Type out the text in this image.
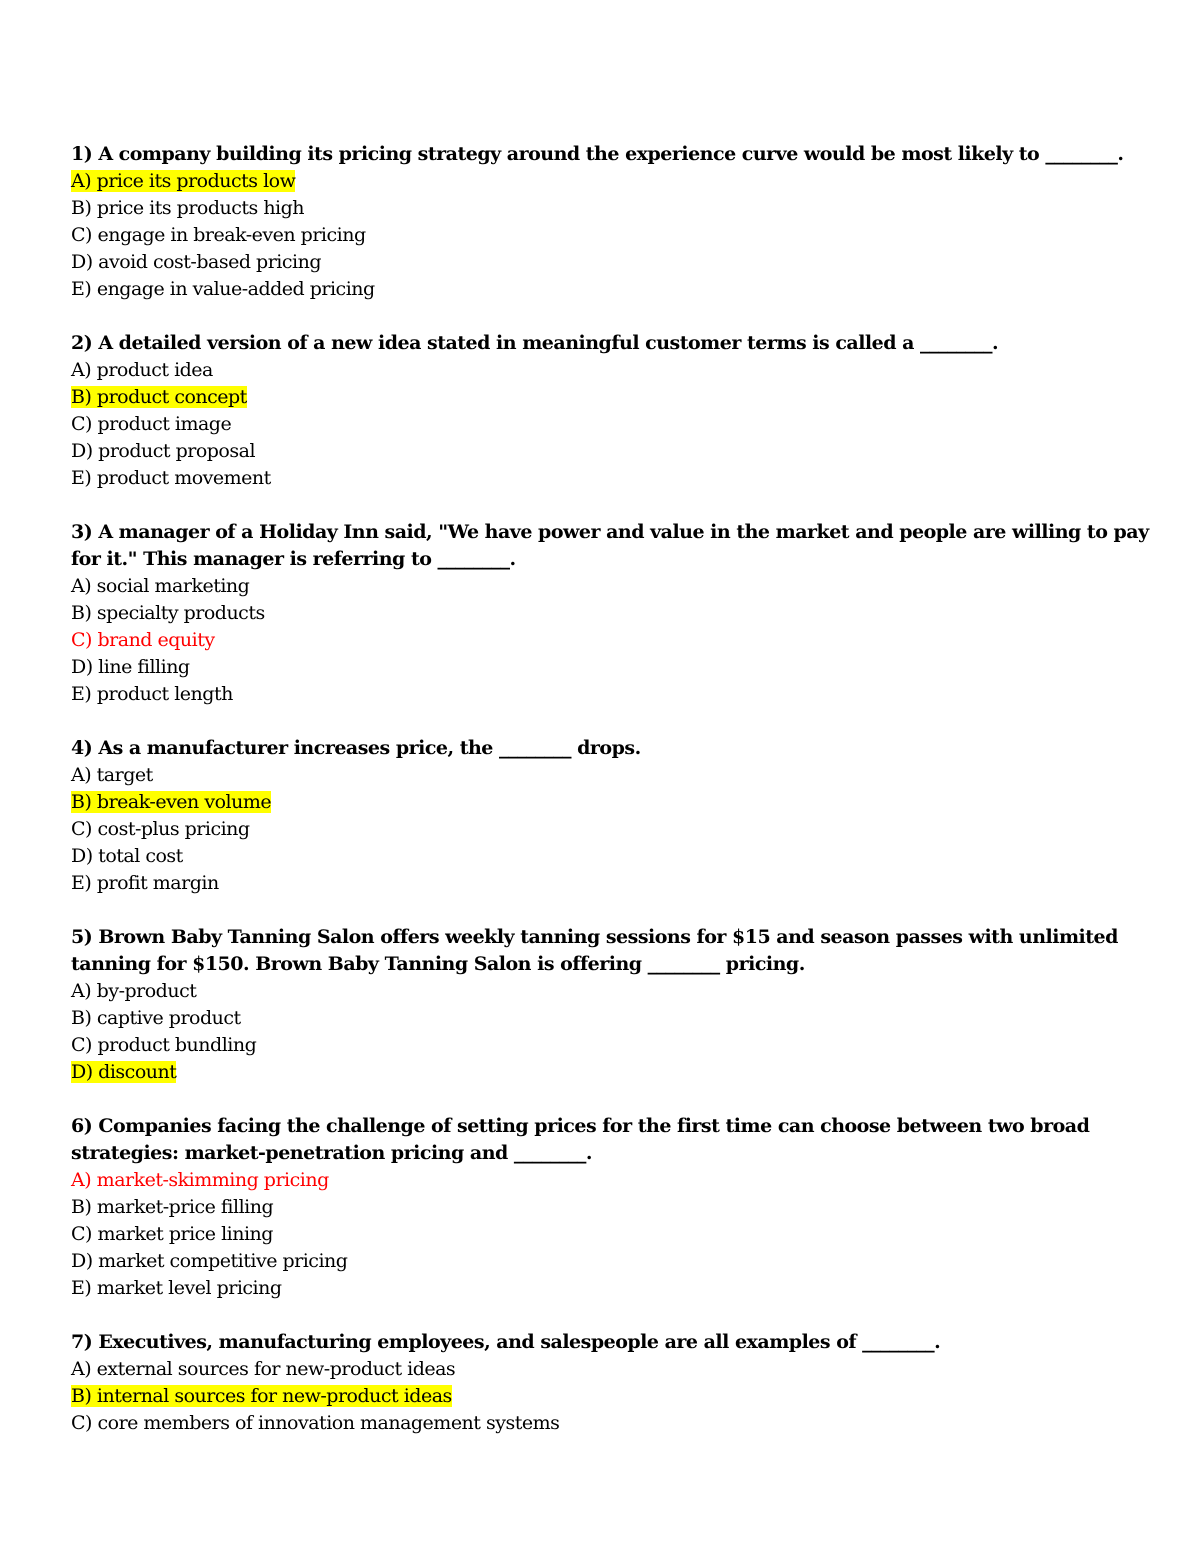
1) A company building its pricing strategy around the experience curve would be most likely to ________.

A) price its products low

B) price its products high

C) engage in break-even pricing

D) avoid cost-based pricing

E) engage in value-added pricing

2) A detailed version of a new idea stated in meaningful customer terms is called a ________.

A) product idea

B) product concept

C) product image

D) product proposal

E) product movement

3) A manager of a Holiday Inn said, "We have power and value in the market and people are willing to pay for it." This manager is referring to ________.

A) social marketing

B) specialty products

C) brand equity

D) line filling

E) product length

4) As a manufacturer increases price, the ________ drops.

A) target

B) break-even volume

C) cost-plus pricing

D) total cost

E) profit margin

5) Brown Baby Tanning Salon offers weekly tanning sessions for $15 and season passes with unlimited tanning for $150. Brown Baby Tanning Salon is offering ________ pricing.

A) by-product

B) captive product

C) product bundling

D) discount

6) Companies facing the challenge of setting prices for the first time can choose between two broad strategies: market-penetration pricing and ________.

A) market-skimming pricing

B) market-price filling

C) market price lining

D) market competitive pricing

E) market level pricing

7) Executives, manufacturing employees, and salespeople are all examples of ________.

A) external sources for new-product ideas

B) internal sources for new-product ideas

C) core members of innovation management systems
